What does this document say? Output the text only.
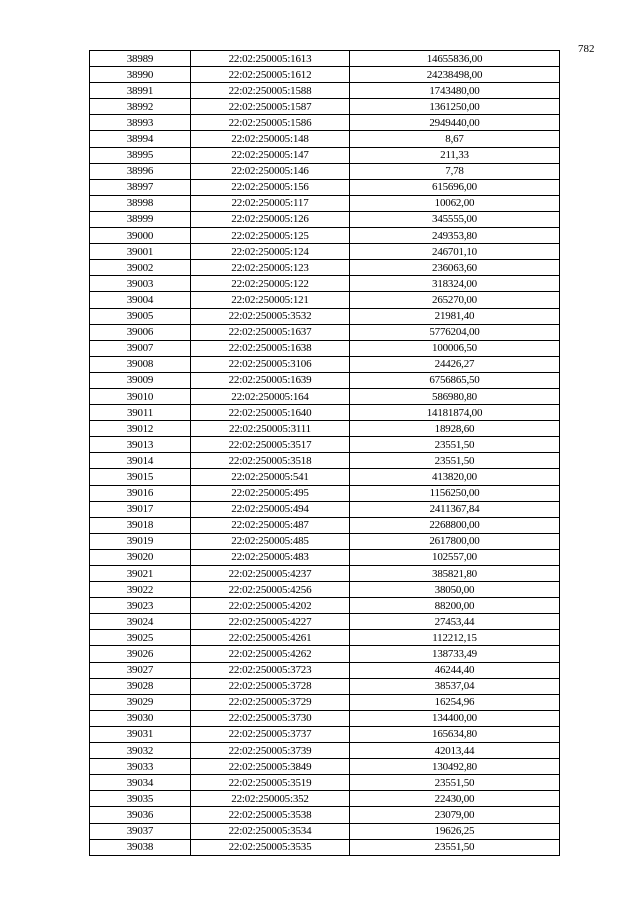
782
38989	22:02:250005:1613	14655836,00
38990	22:02:250005:1612	24238498,00
38991	22:02:250005:1588	1743480,00
38992	22:02:250005:1587	1361250,00
38993	22:02:250005:1586	2949440,00
38994	22:02:250005:148	8,67
38995	22:02:250005:147	211,33
38996	22:02:250005:146	7,78
38997	22:02:250005:156	615696,00
38998	22:02:250005:117	10062,00
38999	22:02:250005:126	345555,00
39000	22:02:250005:125	249353,80
39001	22:02:250005:124	246701,10
39002	22:02:250005:123	236063,60
39003	22:02:250005:122	318324,00
39004	22:02:250005:121	265270,00
39005	22:02:250005:3532	21981,40
39006	22:02:250005:1637	5776204,00
39007	22:02:250005:1638	100006,50
39008	22:02:250005:3106	24426,27
39009	22:02:250005:1639	6756865,50
39010	22:02:250005:164	586980,80
39011	22:02:250005:1640	14181874,00
39012	22:02:250005:3111	18928,60
39013	22:02:250005:3517	23551,50
39014	22:02:250005:3518	23551,50
39015	22:02:250005:541	413820,00
39016	22:02:250005:495	1156250,00
39017	22:02:250005:494	2411367,84
39018	22:02:250005:487	2268800,00
39019	22:02:250005:485	2617800,00
39020	22:02:250005:483	102557,00
39021	22:02:250005:4237	385821,80
39022	22:02:250005:4256	38050,00
39023	22:02:250005:4202	88200,00
39024	22:02:250005:4227	27453,44
39025	22:02:250005:4261	112212,15
39026	22:02:250005:4262	138733,49
39027	22:02:250005:3723	46244,40
39028	22:02:250005:3728	38537,04
39029	22:02:250005:3729	16254,96
39030	22:02:250005:3730	134400,00
39031	22:02:250005:3737	165634,80
39032	22:02:250005:3739	42013,44
39033	22:02:250005:3849	130492,80
39034	22:02:250005:3519	23551,50
39035	22:02:250005:352	22430,00
39036	22:02:250005:3538	23079,00
39037	22:02:250005:3534	19626,25
39038	22:02:250005:3535	23551,50
